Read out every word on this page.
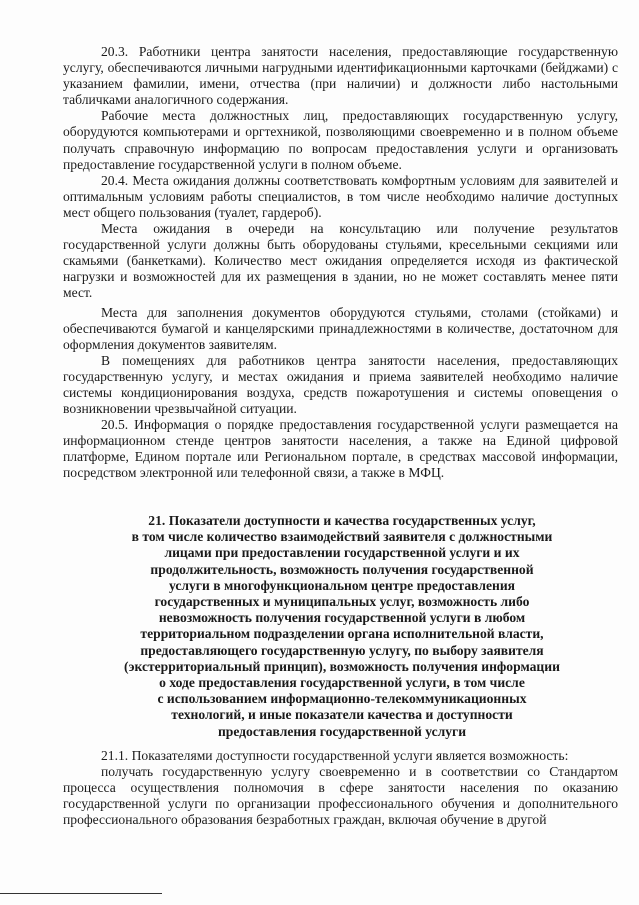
20.3. Работники центра занятости населения, предоставляющие государственную услугу, обеспечиваются личными нагрудными идентификационными карточками (бейджами) с указанием фамилии, имени, отчества (при наличии) и должности либо настольными табличками аналогичного содержания.

Рабочие места должностных лиц, предоставляющих государственную услугу, оборудуются компьютерами и оргтехникой, позволяющими своевременно и в полном объеме получать справочную информацию по вопросам предоставления услуги и организовать предоставление государственной услуги в полном объеме.

20.4. Места ожидания должны соответствовать комфортным условиям для заявителей и оптимальным условиям работы специалистов, в том числе необходимо наличие доступных мест общего пользования (туалет, гардероб).

Места ожидания в очереди на консультацию или получение результатов государственной услуги должны быть оборудованы стульями, кресельными секциями или скамьями (банкетками). Количество мест ожидания определяется исходя из фактической нагрузки и возможностей для их размещения в здании, но не может составлять менее пяти мест.

Места для заполнения документов оборудуются стульями, столами (стойками) и обеспечиваются бумагой и канцелярскими принадлежностями в количестве, достаточном для оформления документов заявителям.

В помещениях для работников центра занятости населения, предоставляющих государственную услугу, и местах ожидания и приема заявителей необходимо наличие системы кондиционирования воздуха, средств пожаротушения и системы оповещения о возникновении чрезвычайной ситуации.

20.5. Информация о порядке предоставления государственной услуги размещается на информационном стенде центров занятости населения, а также на Единой цифровой платформе, Едином портале или Региональном портале, в средствах массовой информации, посредством электронной или телефонной связи, а также в МФЦ.

21. Показатели доступности и качества государственных услуг,

в том числе количество взаимодействий заявителя с должностными

лицами при предоставлении государственной услуги и их

продолжительность, возможность получения государственной

услуги в многофункциональном центре предоставления

государственных и муниципальных услуг, возможность либо

невозможность получения государственной услуги в любом

территориальном подразделении органа исполнительной власти,

предоставляющего государственную услугу, по выбору заявителя

(экстерриториальный принцип), возможность получения информации

о ходе предоставления государственной услуги, в том числе

с использованием информационно-телекоммуникационных

технологий, и иные показатели качества и доступности

предоставления государственной услуги

21.1. Показателями доступности государственной услуги является возможность:

получать государственную услугу своевременно и в соответствии со Стандартом процесса осуществления полномочия в сфере занятости населения по оказанию государственной услуги по организации профессионального обучения и дополнительного профессионального образования безработных граждан, включая обучение в другой
